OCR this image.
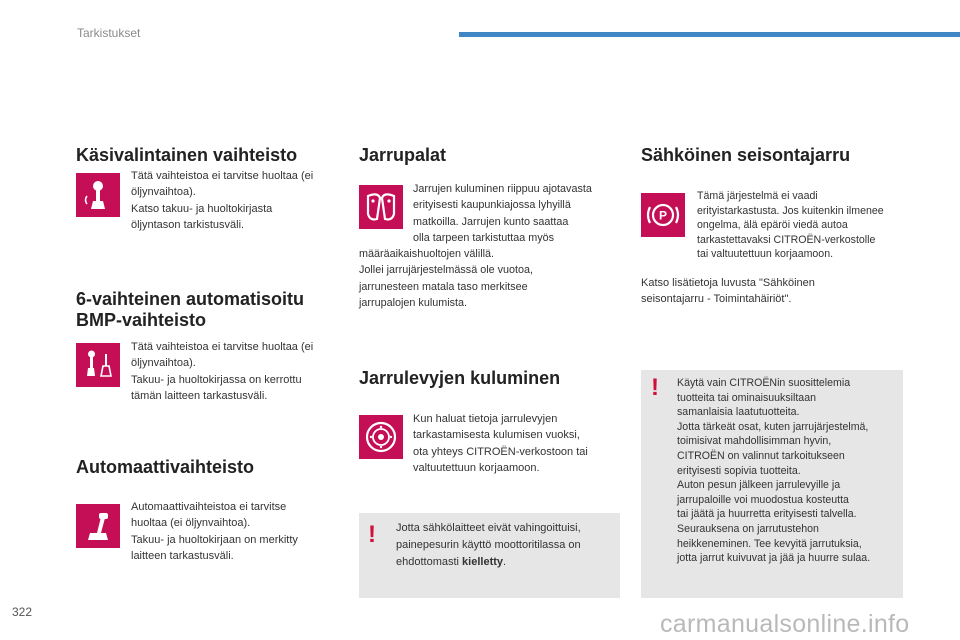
Tarkistukset
Käsivalintainen vaihteisto

Tätä vaihteistoa ei tarvitse huoltaa (ei
öljynvaihtoa).
Katso takuu- ja huoltokirjasta
öljyntason tarkistusväli.

6-vaihteinen automatisoitu
BMP-vaihteisto

Tätä vaihteistoa ei tarvitse huoltaa (ei
öljynvaihtoa).
Takuu- ja huoltokirjassa on kerrottu
tämän laitteen tarkastusväli.

Automaattivaihteisto

Automaattivaihteistoa ei tarvitse
huoltaa (ei öljynvaihtoa).
Takuu- ja huoltokirjaan on merkitty
laitteen tarkastusväli.

Jarrupalat

Jarrujen kuluminen riippuu ajotavasta
erityisesti kaupunkiajossa lyhyillä
matkoilla. Jarrujen kunto saattaa
olla tarpeen tarkistuttaa myös

määräaikaishuoltojen välillä.
Jollei jarrujärjestelmässä ole vuotoa,
jarrunesteen matala taso merkitsee
jarrupalojen kulumista.

Jarrulevyjen kuluminen

Kun haluat tietoja jarrulevyjen
tarkastamisesta kulumisen vuoksi,
ota yhteys CITROËN-verkostoon tai
valtuutettuun korjaamoon.

! Jotta sähkölaitteet eivät vahingoittuisi,
painepesurin käyttö moottoritilassa on
ehdottomasti kielletty.

Sähköinen seisontajarru
P

Tämä järjestelmä ei vaadi
erityistarkastusta. Jos kuitenkin ilmenee
ongelma, älä epäröi viedä autoa
tarkastettavaksi CITROËN-verkostolle
tai valtuutettuun korjaamoon.

Katso lisätietoja luvusta "Sähköinen
seisontajarru - Toimintahäiriöt".

! Käytä vain CITROËNin suosittelemia
tuotteita tai ominaisuuksiltaan
samanlaisia laatutuotteita.
Jotta tärkeät osat, kuten jarrujärjestelmä,
toimisivat mahdollisimman hyvin,
CITROËN on valinnut tarkoitukseen
erityisesti sopivia tuotteita.
Auton pesun jälkeen jarrulevyille ja
jarrupaloille voi muodostua kosteutta
tai jäätä ja huurretta erityisesti talvella.
Seurauksena on jarrutustehon
heikkeneminen. Tee kevyitä jarrutuksia,
jotta jarrut kuivuvat ja jää ja huurre sulaa.

322	carmanualsonline.info
